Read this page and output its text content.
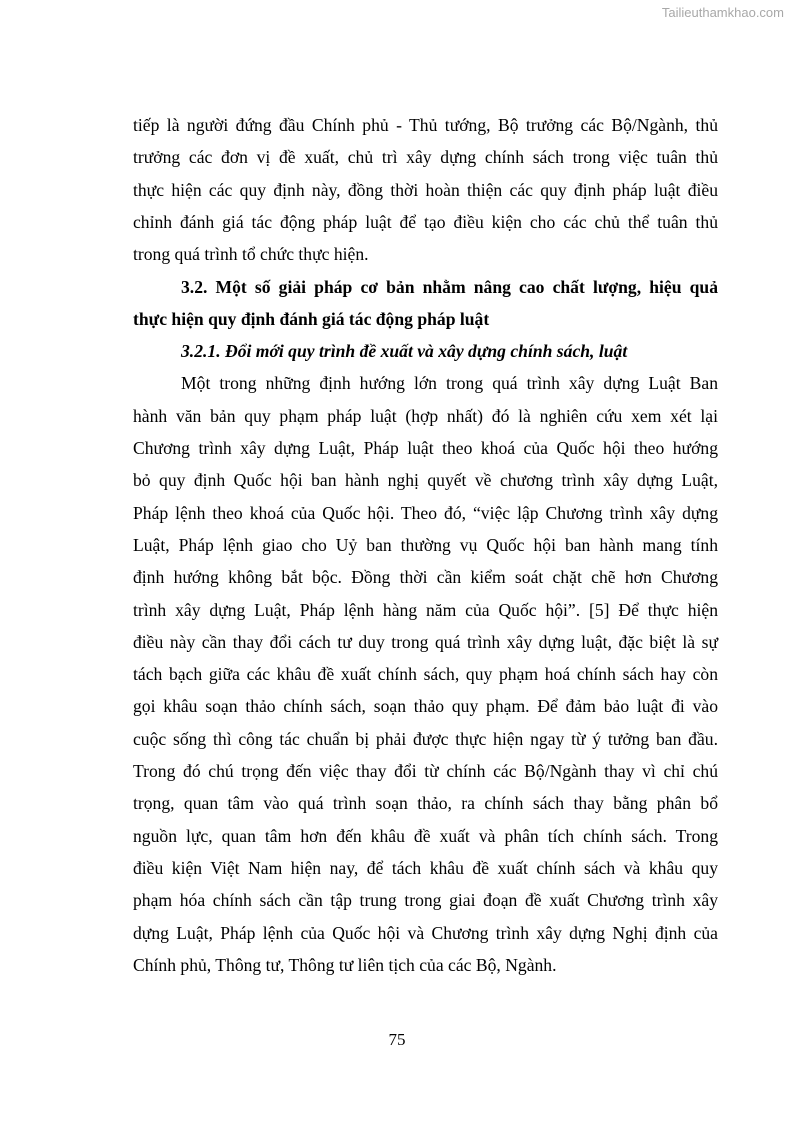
Tailieuthamkhao.com
tiếp là người đứng đầu Chính phủ - Thủ tướng, Bộ trưởng các Bộ/Ngành, thủ
trưởng các đơn vị đề xuất, chủ trì xây dựng chính sách trong việc tuân thủ
thực hiện các quy định này, đồng thời hoàn thiện các quy định pháp luật điều
chỉnh đánh giá tác động pháp luật để tạo điều kiện cho các chủ thể tuân thủ
trong quá trình tổ chức thực hiện.
3.2. Một số giải pháp cơ bản nhằm nâng cao chất lượng, hiệu quả
thực hiện quy định đánh giá tác động pháp luật
3.2.1. Đổi mới quy trình đề xuất và xây dựng chính sách, luật
Một trong những định hướng lớn trong quá trình xây dựng Luật Ban
hành văn bản quy phạm pháp luật (hợp nhất) đó là nghiên cứu xem xét lại
Chương trình xây dựng Luật, Pháp luật theo khoá của Quốc hội theo hướng
bỏ quy định Quốc hội ban hành nghị quyết về chương trình xây dựng Luật,
Pháp lệnh theo khoá của Quốc hội. Theo đó, “việc lập Chương trình xây dựng
Luật, Pháp lệnh giao cho Uỷ ban thường vụ Quốc hội ban hành mang tính
định hướng không bắt bộc. Đồng thời cần kiểm soát chặt chẽ hơn Chương
trình xây dựng Luật, Pháp lệnh hàng năm của Quốc hội”. [5] Để thực hiện
điều này cần thay đổi cách tư duy trong quá trình xây dựng luật, đặc biệt là sự
tách bạch giữa các khâu đề xuất chính sách, quy phạm hoá chính sách hay còn
gọi khâu soạn thảo chính sách, soạn thảo quy phạm. Để đảm bảo luật đi vào
cuộc sống thì công tác chuẩn bị phải được thực hiện ngay từ ý tưởng ban đầu.
Trong đó chú trọng đến việc thay đổi từ chính các Bộ/Ngành thay vì chỉ chú
trọng, quan tâm vào quá trình soạn thảo, ra chính sách thay bằng phân bổ
nguồn lực, quan tâm hơn đến khâu đề xuất và phân tích chính sách. Trong
điều kiện Việt Nam hiện nay, để tách khâu đề xuất chính sách và khâu quy
phạm hóa chính sách cần tập trung trong giai đoạn đề xuất Chương trình xây
dựng Luật, Pháp lệnh của Quốc hội và Chương trình xây dựng Nghị định của
Chính phủ, Thông tư, Thông tư liên tịch của các Bộ, Ngành.
75
